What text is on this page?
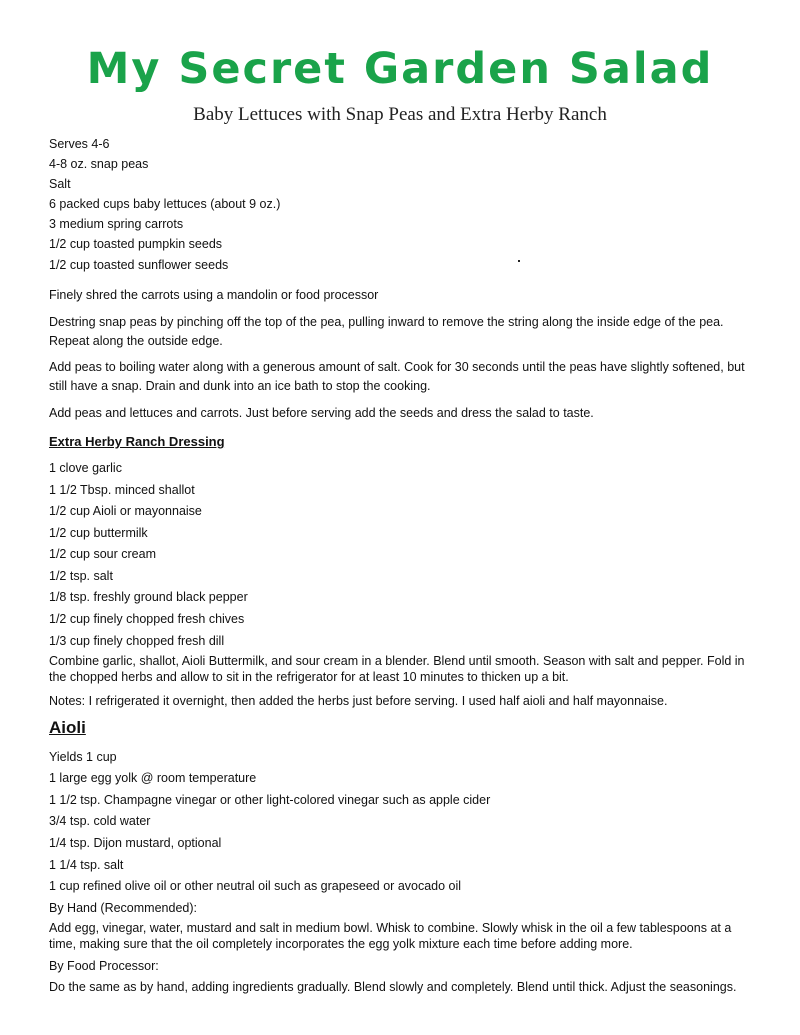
My Secret Garden Salad
Baby Lettuces with Snap Peas and Extra Herby Ranch
Serves 4-6
4-8 oz. snap peas
Salt
6 packed cups baby lettuces (about 9 oz.)
3 medium spring carrots
1/2 cup toasted pumpkin seeds
1/2 cup toasted sunflower seeds
Finely shred the carrots using a mandolin or food processor
Destring snap peas by pinching off the top of the pea, pulling inward to remove the string along the inside edge of the pea. Repeat along the outside edge.
Add peas to boiling water along with a generous amount of salt. Cook for 30 seconds until the peas have slightly softened, but still have a snap. Drain and dunk into an ice bath to stop the cooking.
Add peas and lettuces and carrots. Just before serving add the seeds and dress the salad to taste.
Extra Herby Ranch Dressing
1 clove garlic
1 1/2 Tbsp. minced shallot
1/2 cup Aioli or mayonnaise
1/2 cup buttermilk
1/2 cup sour cream
1/2 tsp. salt
1/8 tsp. freshly ground black pepper
1/2 cup finely chopped fresh chives
1/3 cup finely chopped fresh dill
Combine garlic, shallot, Aioli Buttermilk, and sour cream in a blender. Blend until smooth. Season with salt and pepper. Fold in the chopped herbs and allow to sit in the refrigerator for at least 10 minutes to thicken up a bit.
Notes: I refrigerated it overnight, then added the herbs just before serving. I used half aioli and half mayonnaise.
Aioli
Yields 1 cup
1 large egg yolk @ room temperature
1 1/2 tsp. Champagne vinegar or other light-colored vinegar such as apple cider
3/4 tsp. cold water
1/4 tsp. Dijon mustard, optional
1 1/4 tsp. salt
1 cup refined olive oil or other neutral oil such as grapeseed or avocado oil
By Hand (Recommended):
Add egg, vinegar, water, mustard and salt in medium bowl. Whisk to combine. Slowly whisk in the oil a few tablespoons at a time, making sure that the oil completely incorporates the egg yolk mixture each time before adding more.
By Food Processor:
Do the same as by hand, adding ingredients gradually. Blend slowly and completely. Blend until thick. Adjust the seasonings.
